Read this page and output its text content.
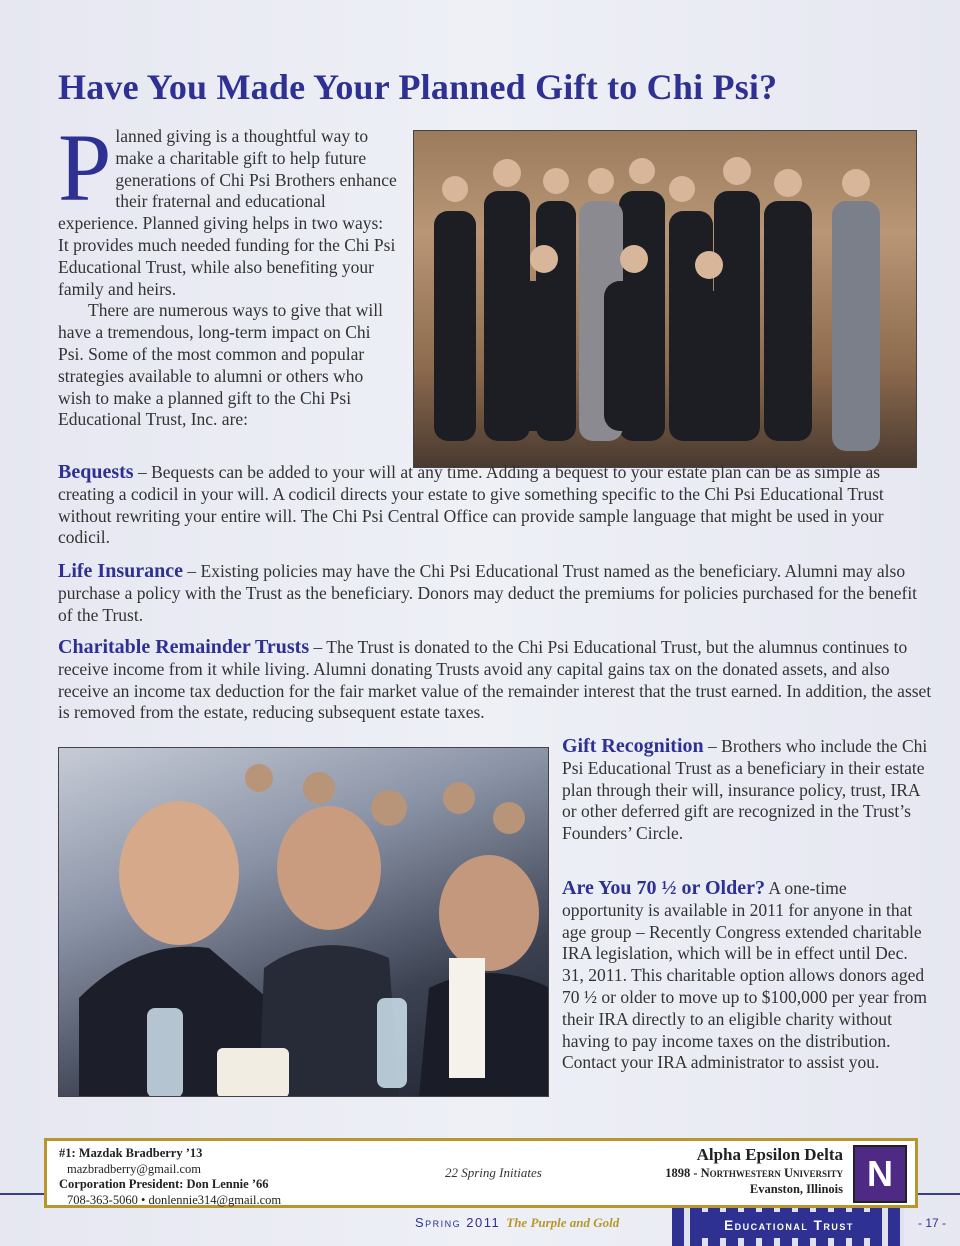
Have You Made Your Planned Gift to Chi Psi?
P lanned giving is a thoughtful way to make a charitable gift to help future generations of Chi Psi Brothers enhance their fraternal and educational experience. Planned giving helps in two ways: It provides much needed funding for the Chi Psi Educational Trust, while also benefiting your family and heirs.

There are numerous ways to give that will have a tremendous, long-term impact on Chi Psi. Some of the most common and popular strategies available to alumni or others who wish to make a planned gift to the Chi Psi Educational Trust, Inc. are:

Bequests – Bequests can be added to your will at any time. Adding a bequest to your estate plan can be as simple as creating a codicil in your will. A codicil directs your estate to give something specific to the Chi Psi Educational Trust without rewriting your entire will. The Chi Psi Central Office can provide sample language that might be used in your codicil.
Life Insurance – Existing policies may have the Chi Psi Educational Trust named as the beneficiary. Alumni may also purchase a policy with the Trust as the beneficiary. Donors may deduct the premiums for policies purchased for the benefit of the Trust.
Charitable Remainder Trusts – The Trust is donated to the Chi Psi Educational Trust, but the alumnus continues to receive income from it while living. Alumni donating Trusts avoid any capital gains tax on the donated assets, and also receive an income tax deduction for the fair market value of the remainder interest that the trust earned. In addition, the asset is removed from the estate, reducing subsequent estate taxes.
Gift Recognition – Brothers who include the Chi Psi Educational Trust as a beneficiary in their estate plan through their will, insurance policy, trust, IRA or other deferred gift are recognized in the Trust’s Founders’ Circle.
Are You 70 ½ or Older? A one-time opportunity is available in 2011 for anyone in that age group – Recently Congress extended charitable IRA legislation, which will be in effect until Dec. 31, 2011. This charitable option allows donors aged 70 ½ or older to move up to $100,000 per year from their IRA directly to an eligible charity without having to pay income taxes on the distribution. Contact your IRA administrator to assist you.
#1: Mazdak Bradberry ’13
mazbradberry@gmail.com
Corporation President: Don Lennie ’66
708-363-5060 • donlennie314@gmail.com
22 Spring Initiates
Alpha Epsilon Delta
1898 - Northwestern University
Evanston, Illinois N
Educational Trust
Spring 2011 The Purple and Gold	- 17 -
